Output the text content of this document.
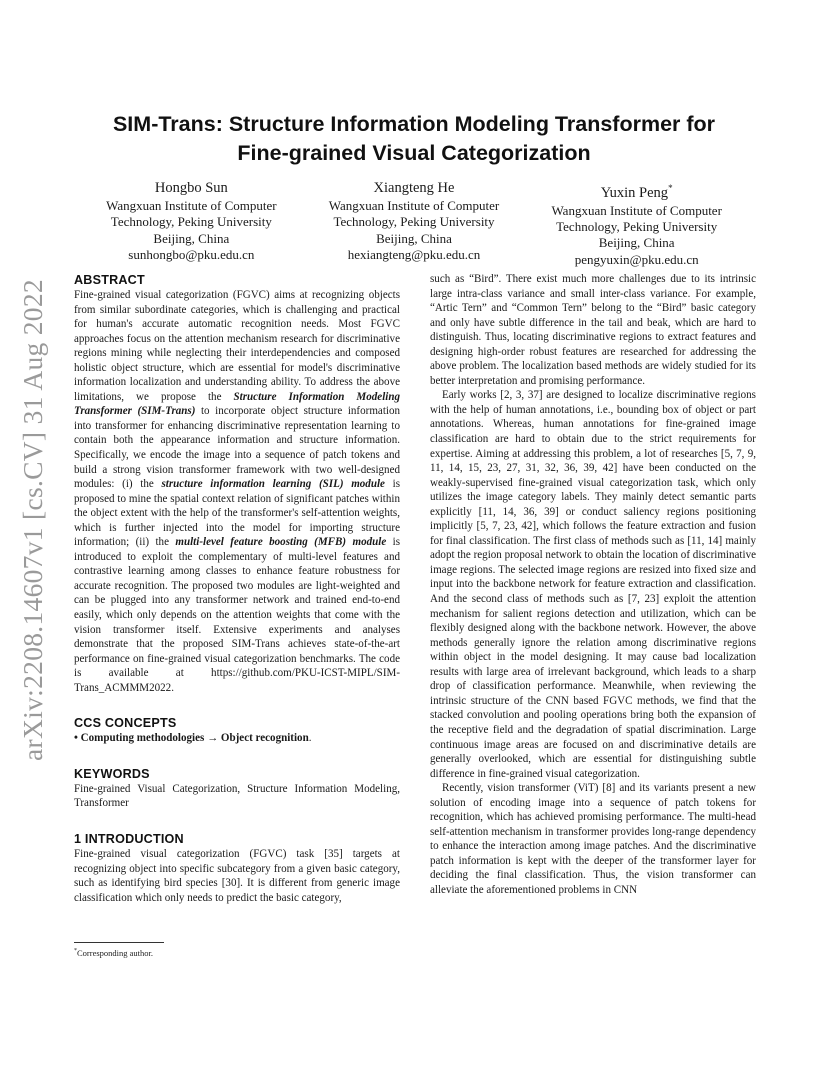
arXiv:2208.14607v1 [cs.CV] 31 Aug 2022
SIM-Trans: Structure Information Modeling Transformer for
Fine-grained Visual Categorization
Hongbo Sun
Wangxuan Institute of Computer
Technology, Peking University
Beijing, China
sunhongbo@pku.edu.cn
Xiangteng He
Wangxuan Institute of Computer
Technology, Peking University
Beijing, China
hexiangteng@pku.edu.cn
Yuxin Peng*
Wangxuan Institute of Computer
Technology, Peking University
Beijing, China
pengyuxin@pku.edu.cn
ABSTRACT

Fine-grained visual categorization (FGVC) aims at recognizing objects from similar subordinate categories, which is challenging and practical for human's accurate automatic recognition needs. Most FGVC approaches focus on the attention mechanism research for discriminative regions mining while neglecting their interdependencies and composed holistic object structure, which are essential for model's discriminative information localization and understanding ability. To address the above limitations, we propose the Structure Information Modeling Transformer (SIM-Trans) to incorporate object structure information into transformer for enhancing discriminative representation learning to contain both the appearance information and structure information. Specifically, we encode the image into a sequence of patch tokens and build a strong vision transformer framework with two well-designed modules: (i) the structure information learning (SIL) module is proposed to mine the spatial context relation of significant patches within the object extent with the help of the transformer's self-attention weights, which is further injected into the model for importing structure information; (ii) the multi-level feature boosting (MFB) module is introduced to exploit the complementary of multi-level features and contrastive learning among classes to enhance feature robustness for accurate recognition. The proposed two modules are light-weighted and can be plugged into any transformer network and trained end-to-end easily, which only depends on the attention weights that come with the vision transformer itself. Extensive experiments and analyses demonstrate that the proposed SIM-Trans achieves state-of-the-art performance on fine-grained visual categorization benchmarks. The code is available at https://github.com/PKU-ICST-MIPL/SIM-Trans_ACMMM2022.

CCS CONCEPTS

• Computing methodologies → Object recognition.

KEYWORDS

Fine-grained Visual Categorization, Structure Information Modeling, Transformer

1 INTRODUCTION

Fine-grained visual categorization (FGVC) task [35] targets at recognizing object into specific subcategory from a given basic category, such as identifying bird species [30]. It is different from generic image classification which only needs to predict the basic category,

such as “Bird”. There exist much more challenges due to its intrinsic large intra-class variance and small inter-class variance. For example, “Artic Tern” and “Common Tern” belong to the “Bird” basic category and only have subtle difference in the tail and beak, which are hard to distinguish. Thus, locating discriminative regions to extract features and designing high-order robust features are researched for addressing the above problem. The localization based methods are widely studied for its better interpretation and promising performance.

Early works [2, 3, 37] are designed to localize discriminative regions with the help of human annotations, i.e., bounding box of object or part annotations. Whereas, human annotations for fine-grained image classification are hard to obtain due to the strict requirements for expertise. Aiming at addressing this problem, a lot of researches [5, 7, 9, 11, 14, 15, 23, 27, 31, 32, 36, 39, 42] have been conducted on the weakly-supervised fine-grained visual categorization task, which only utilizes the image category labels. They mainly detect semantic parts explicitly [11, 14, 36, 39] or conduct saliency regions positioning implicitly [5, 7, 23, 42], which follows the feature extraction and fusion for final classification. The first class of methods such as [11, 14] mainly adopt the region proposal network to obtain the location of discriminative image regions. The selected image regions are resized into fixed size and input into the backbone network for feature extraction and classification. And the second class of methods such as [7, 23] exploit the attention mechanism for salient regions detection and utilization, which can be flexibly designed along with the backbone network. However, the above methods generally ignore the relation among discriminative regions within object in the model designing. It may cause bad localization results with large area of irrelevant background, which leads to a sharp drop of classification performance. Meanwhile, when reviewing the intrinsic structure of the CNN based FGVC methods, we find that the stacked convolution and pooling operations bring both the expansion of the receptive field and the degradation of spatial discrimination. Large continuous image areas are focused on and discriminative details are generally overlooked, which are essential for distinguishing subtle difference in fine-grained visual categorization.

Recently, vision transformer (ViT) [8] and its variants present a new solution of encoding image into a sequence of patch tokens for recognition, which has achieved promising performance. The multi-head self-attention mechanism in transformer provides long-range dependency to enhance the interaction among image patches. And the discriminative patch information is kept with the deeper of the transformer layer for deciding the final classification. Thus, the vision transformer can alleviate the aforementioned problems in CNN

*Corresponding author.
